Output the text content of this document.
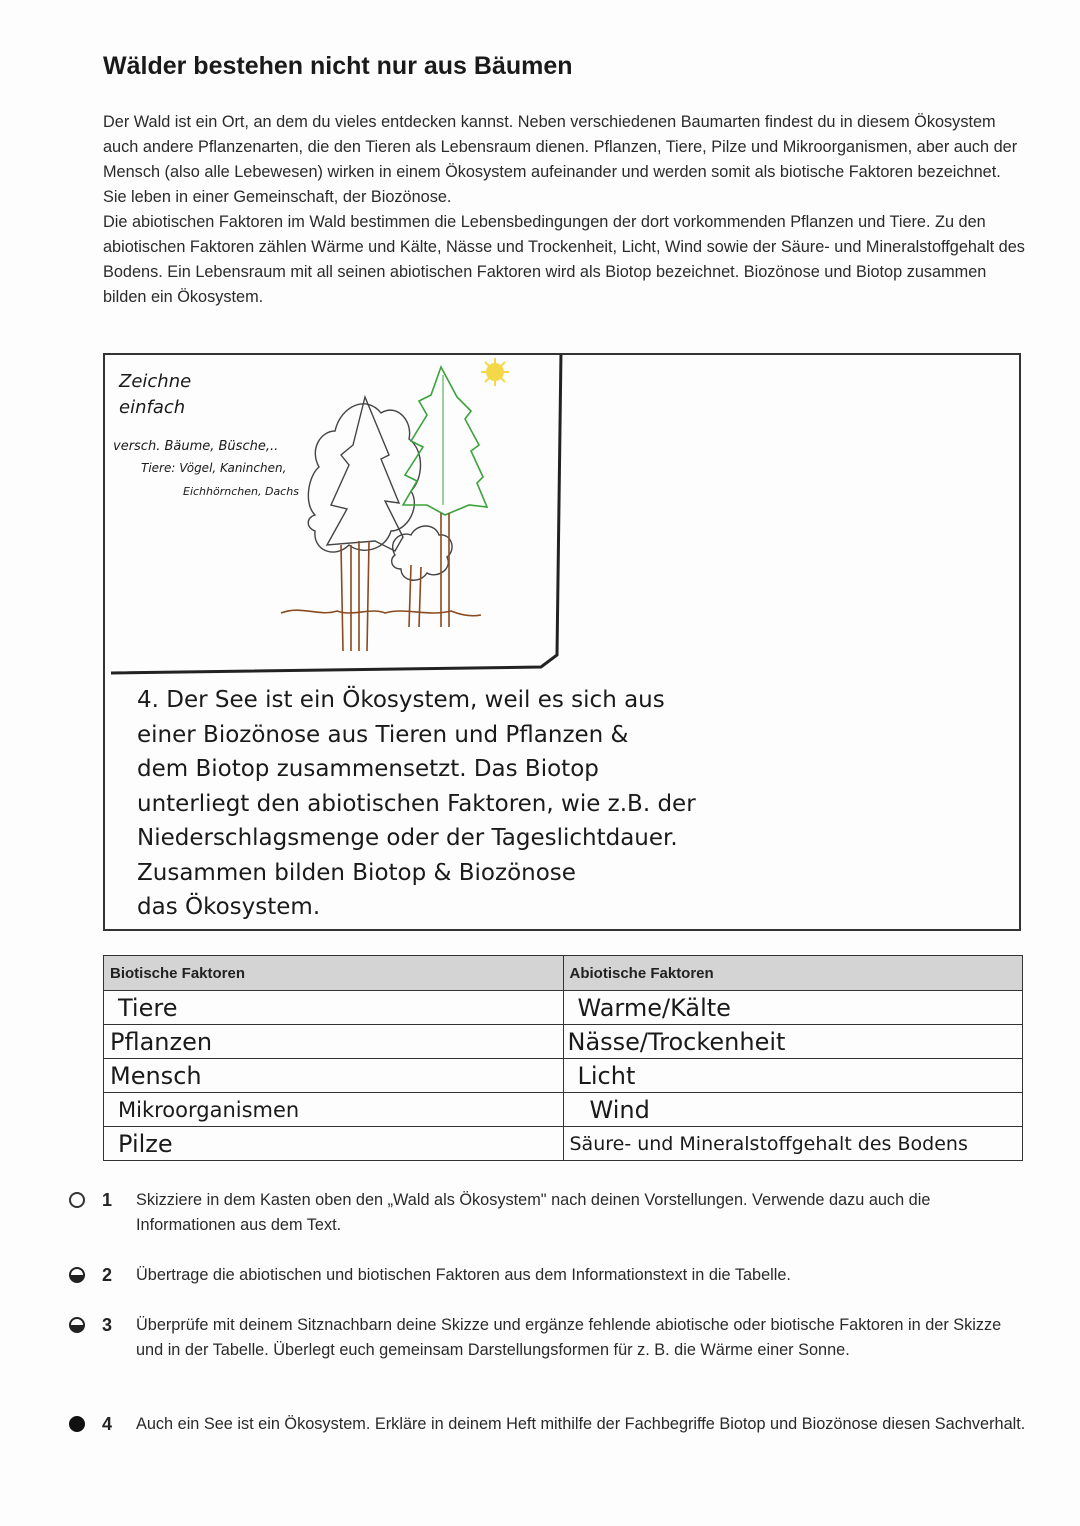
Wälder bestehen nicht nur aus Bäumen

Der Wald ist ein Ort, an dem du vieles entdecken kannst. Neben verschiedenen Baumarten findest du in diesem Ökosystem auch andere Pflanzenarten, die den Tieren als Lebensraum dienen. Pflanzen, Tiere, Pilze und Mikroorganismen, aber auch der Mensch (also alle Lebewesen) wirken in einem Ökosystem aufeinander und werden somit als biotische Faktoren bezeichnet. Sie leben in einer Gemeinschaft, der Biozönose.

Die abiotischen Faktoren im Wald bestimmen die Lebensbedingungen der dort vorkommenden Pflanzen und Tiere. Zu den abiotischen Faktoren zählen Wärme und Kälte, Nässe und Trockenheit, Licht, Wind sowie der Säure- und Mineralstoffgehalt des Bodens. Ein Lebensraum mit all seinen abiotischen Faktoren wird als Biotop bezeichnet. Biozönose und Biotop zusammen bilden ein Ökosystem.

Zeichne
einfach
versch. Bäume, Büsche,..
Tiere: Vögel, Kaninchen,
Eichhörnchen, Dachs
4. Der See ist ein Ökosystem, weil es sich aus
einer Biozönose aus Tieren und Pflanzen &
dem Biotop zusammensetzt. Das Biotop
unterliegt den abiotischen Faktoren, wie z.B. der
Niederschlagsmenge oder der Tageslichtdauer.
Zusammen bilden Biotop & Biozönose
das Ökosystem.
Biotische Faktoren	Abiotische Faktoren
Tiere	Warme/Kälte
Pflanzen	Nässe/Trockenheit
Mensch	Licht
Mikroorganismen	Wind
Pilze	Säure- und Mineralstoffgehalt des Bodens
1 Skizziere in dem Kasten oben den „Wald als Ökosystem" nach deinen Vorstellungen. Verwende dazu auch die Informationen aus dem Text.
2 Übertrage die abiotischen und biotischen Faktoren aus dem Informationstext in die Tabelle.
3 Überprüfe mit deinem Sitznachbarn deine Skizze und ergänze fehlende abiotische oder biotische Faktoren in der Skizze und in der Tabelle. Überlegt euch gemeinsam Darstellungsformen für z. B. die Wärme einer Sonne.
4 Auch ein See ist ein Ökosystem. Erkläre in deinem Heft mithilfe der Fachbegriffe Biotop und Biozönose diesen Sachverhalt.
